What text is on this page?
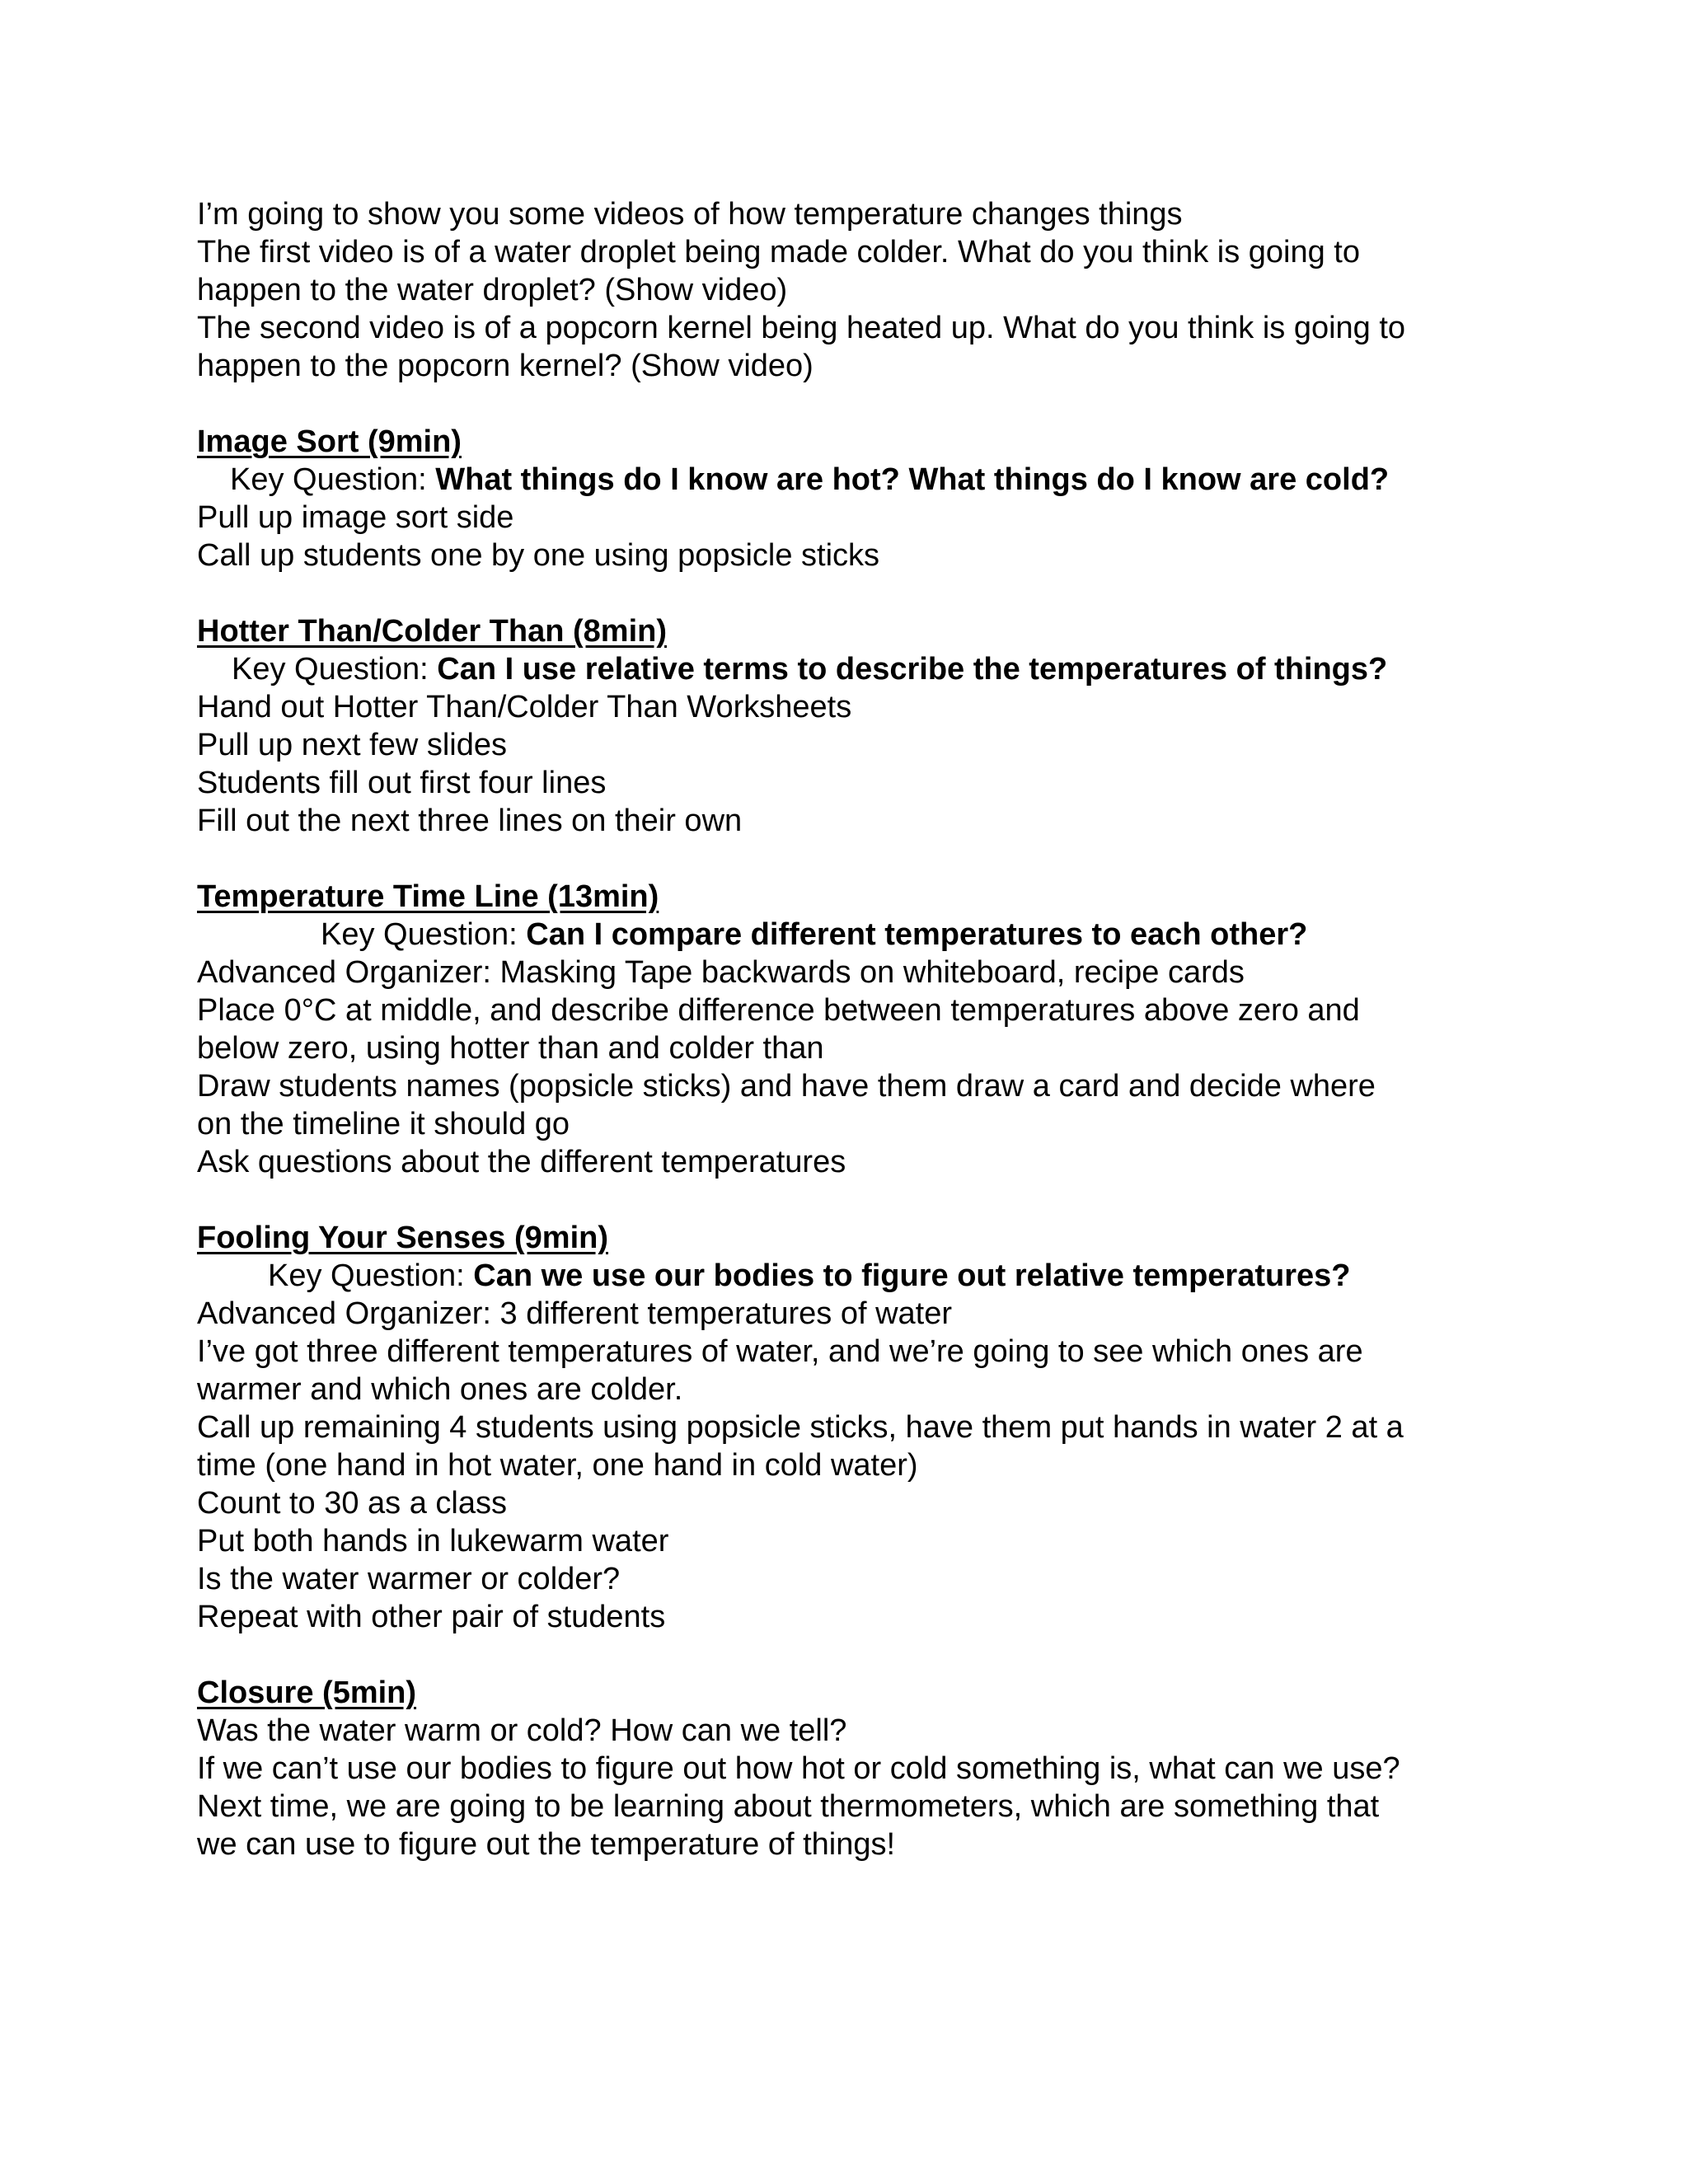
I’m going to show you some videos of how temperature changes things
The first video is of a water droplet being made colder. What do you think is going to
happen to the water droplet? (Show video)
The second video is of a popcorn kernel being heated up. What do you think is going to
happen to the popcorn kernel? (Show video)
Image Sort (9min)
Key Question: What things do I know are hot? What things do I know are cold?
Pull up image sort side
Call up students one by one using popsicle sticks
Hotter Than/Colder Than (8min)
Key Question: Can I use relative terms to describe the temperatures of things?
Hand out Hotter Than/Colder Than Worksheets
Pull up next few slides
Students fill out first four lines
Fill out the next three lines on their own
Temperature Time Line (13min)
Key Question: Can I compare different temperatures to each other?
Advanced Organizer: Masking Tape backwards on whiteboard, recipe cards
Place 0°C at middle, and describe difference between temperatures above zero and
below zero, using hotter than and colder than
Draw students names (popsicle sticks) and have them draw a card and decide where
on the timeline it should go
Ask questions about the different temperatures
Fooling Your Senses (9min)
Key Question: Can we use our bodies to figure out relative temperatures?
Advanced Organizer: 3 different temperatures of water
I’ve got three different temperatures of water, and we’re going to see which ones are
warmer and which ones are colder.
Call up remaining 4 students using popsicle sticks, have them put hands in water 2 at a
time (one hand in hot water, one hand in cold water)
Count to 30 as a class
Put both hands in lukewarm water
Is the water warmer or colder?
Repeat with other pair of students
Closure (5min)
Was the water warm or cold? How can we tell?
If we can’t use our bodies to figure out how hot or cold something is, what can we use?
Next time, we are going to be learning about thermometers, which are something that
we can use to figure out the temperature of things!
